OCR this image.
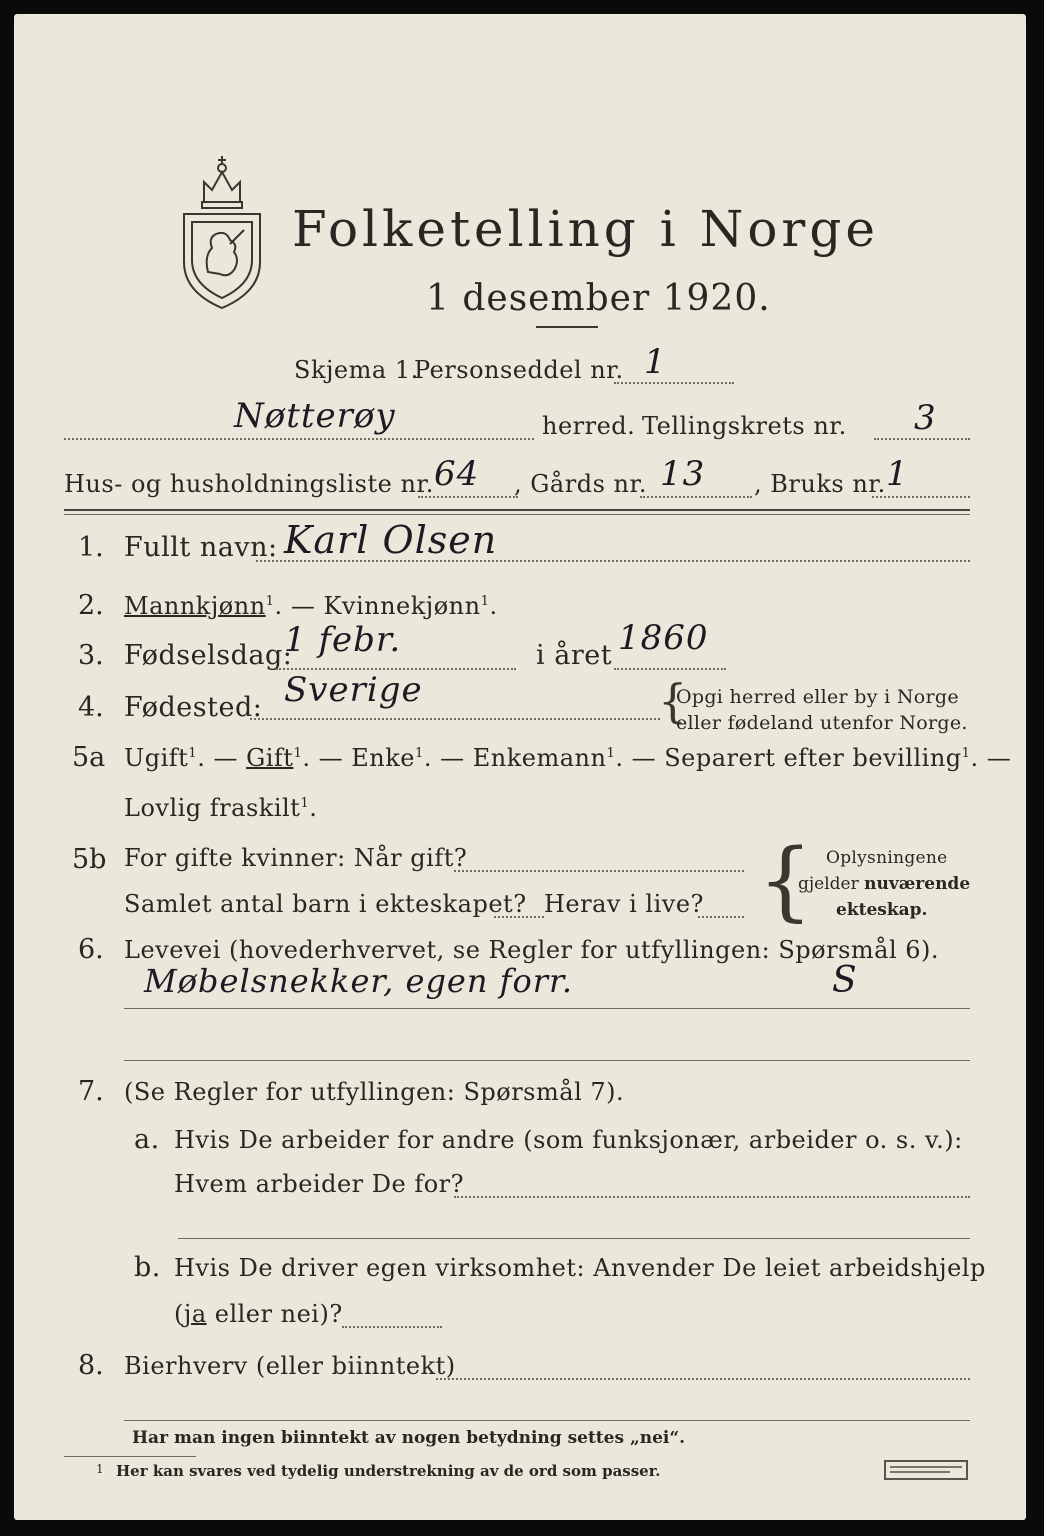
Folketelling i Norge
1 desember 1920.
Skjema 1.
Personseddel nr. 1
Nøtterøy	herred. Tellingskrets nr. 3
Hus- og husholdningsliste nr. 64 , Gårds nr. 13 , Bruks nr. 1
1. Fullt navn: Karl Olsen
2. Mannkjønn$^1$. — Kvinnekjønn$^1$.
3. Fødselsdag:
1 febr.	i året 1860
4. Fødested: Sverige	{
Opgi herred eller by i Norge
eller fødeland utenfor Norge.
5a Ugift$^1$. — Gift$^1$. — Enke$^1$. — Enkemann$^1$. — Separert efter bevilling$^1$. —
Lovlig fraskilt$^1$.
5b For gifte kvinner: Når gift?
Samlet antal barn i ekteskapet? Herav i live? { Oplysningene
gjelder nuværende
ekteskap.
6. Levevei (hovederhvervet, se Regler for utfyllingen: Spørsmål 6).
Møbelsnekker, egen forr.	S
7. (Se Regler for utfyllingen: Spørsmål 7).
a. Hvis De arbeider for andre (som funksjonær, arbeider o. s. v.):
Hvem arbeider De for?
b. Hvis De driver egen virksomhet: Anvender De leiet arbeidshjelp
(ja eller nei)?
8. Bierhverv (eller biinntekt)
Har man ingen biinntekt av nogen betydning settes „nei“.
1 Her kan svares ved tydelig understrekning av de ord som passer.
